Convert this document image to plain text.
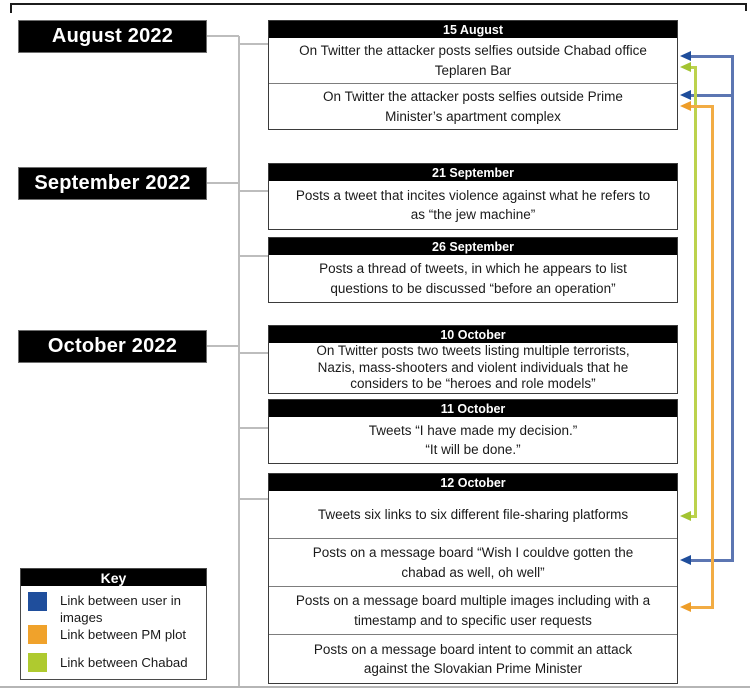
August 2022
September 2022
October 2022
15 August
On Twitter the attacker posts selfies outside Chabad office
Teplaren Bar
On Twitter the attacker posts selfies outside Prime
Minister’s apartment complex
21 September
Posts a tweet that incites violence against what he refers to
as “the jew machine”
26 September
Posts a thread of tweets, in which he appears to list
questions to be discussed “before an operation”
10 October
On Twitter posts two tweets listing multiple terrorists,
Nazis, mass-shooters and violent individuals that he
considers to be “heroes and role models”
11 October
Tweets “I have made my decision.”
“It will be done.”
12 October
Tweets six links to six different file-sharing platforms
Posts on a message board “Wish I couldve gotten the
chabad as well, oh well”
Posts on a message board multiple images including with a
timestamp and to specific user requests
Posts on a message board intent to commit an attack
against the Slovakian Prime Minister
Key
Link between user in
images
Link between PM plot
Link between Chabad
